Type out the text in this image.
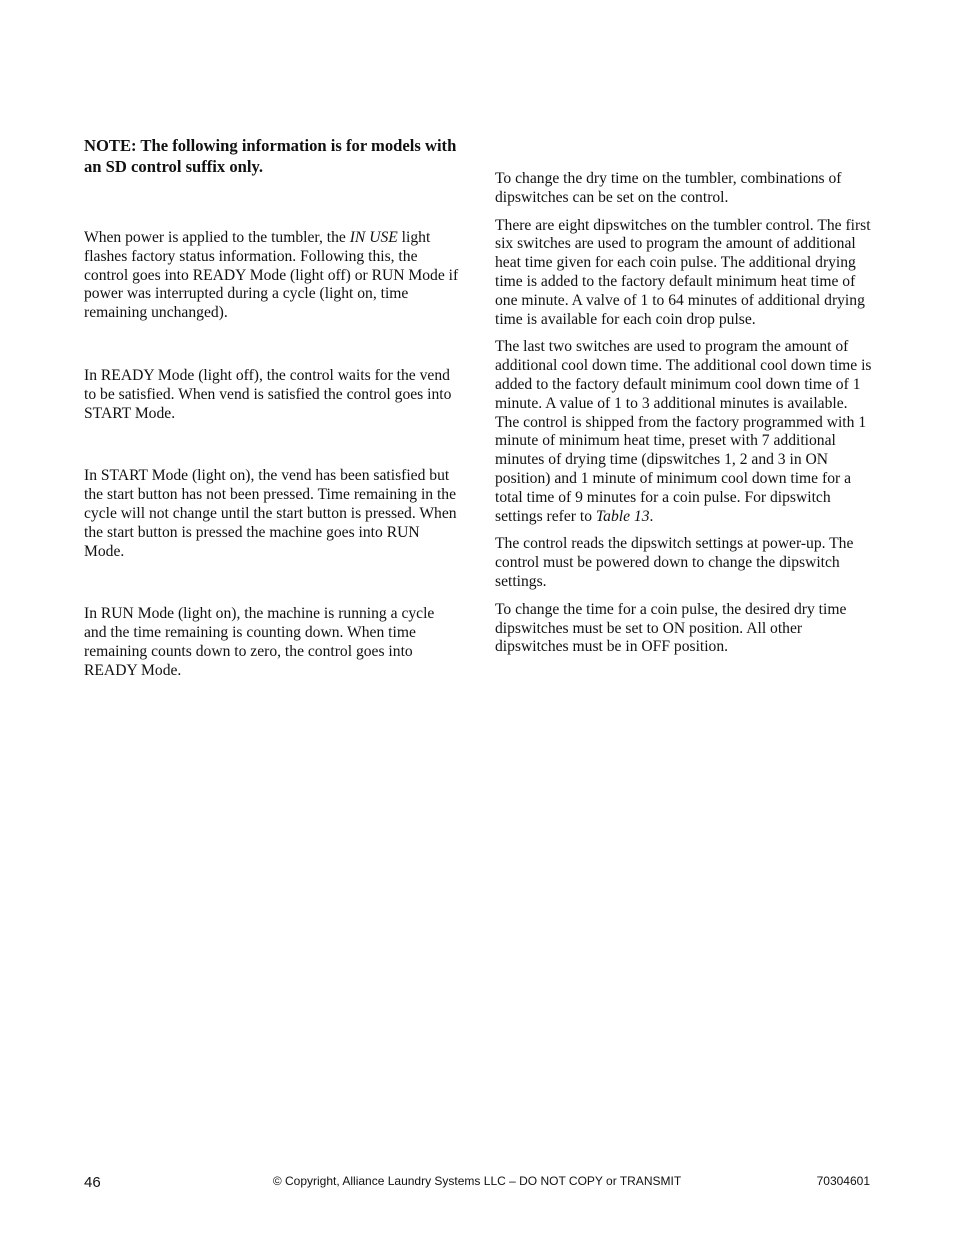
NOTE: The following information is for models with an SD control suffix only.

When power is applied to the tumbler, the IN USE light flashes factory status information. Following this, the control goes into READY Mode (light off) or RUN Mode if power was interrupted during a cycle (light on, time remaining unchanged).

In READY Mode (light off), the control waits for the vend to be satisfied. When vend is satisfied the control goes into START Mode.

In START Mode (light on), the vend has been satisfied but the start button has not been pressed. Time remaining in the cycle will not change until the start button is pressed. When the start button is pressed the machine goes into RUN Mode.

In RUN Mode (light on), the machine is running a cycle and the time remaining is counting down. When time remaining counts down to zero, the control goes into READY Mode.

To change the dry time on the tumbler, combinations of dipswitches can be set on the control.

There are eight dipswitches on the tumbler control. The first six switches are used to program the amount of additional heat time given for each coin pulse. The additional drying time is added to the factory default minimum heat time of one minute. A valve of 1 to 64 minutes of additional drying time is available for each coin drop pulse.

The last two switches are used to program the amount of additional cool down time. The additional cool down time is added to the factory default minimum cool down time of 1 minute. A value of 1 to 3 additional minutes is available. The control is shipped from the factory programmed with 1 minute of minimum heat time, preset with 7 additional minutes of drying time (dipswitches 1, 2 and 3 in ON position) and 1 minute of minimum cool down time for a total time of 9 minutes for a coin pulse. For dipswitch settings refer to Table 13.

The control reads the dipswitch settings at power-up. The control must be powered down to change the dipswitch settings.

To change the time for a coin pulse, the desired dry time dipswitches must be set to ON position. All other dipswitches must be in OFF position.

46	© Copyright, Alliance Laundry Systems LLC – DO NOT COPY or TRANSMIT	70304601
